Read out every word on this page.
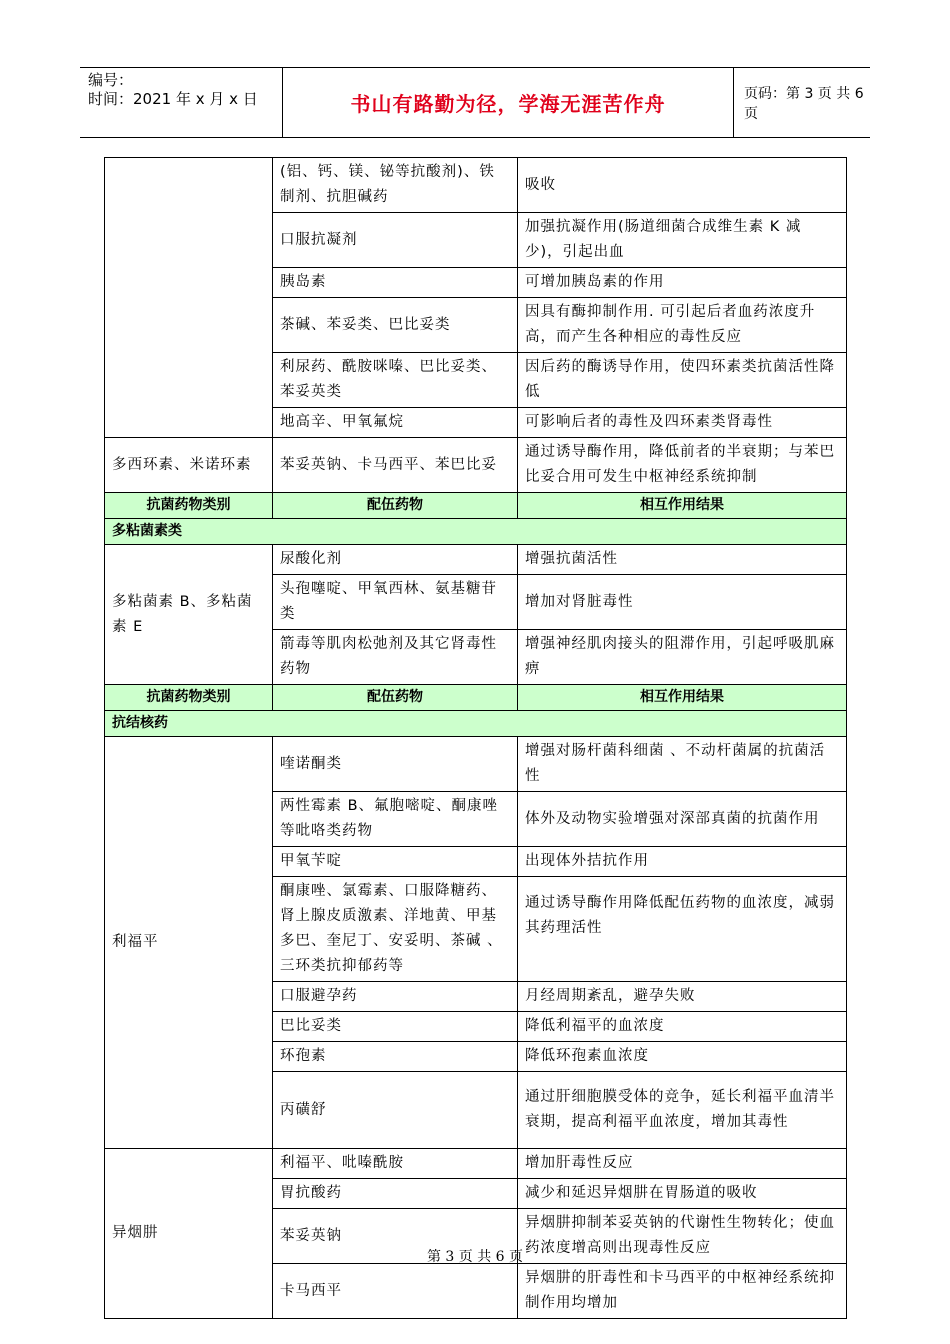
编号：
时间：2021 年 x 月 x 日	书山有路勤为径，学海无涯苦作舟	页码：第 3 页 共 6 页
	(铝、钙、镁、铋等抗酸剂)、铁制剂、抗胆碱药	吸收
	口服抗凝剂	加强抗凝作用(肠道细菌合成维生素 K 减少)，引起出血
	胰岛素	可增加胰岛素的作用
	茶碱、苯妥类、巴比妥类	因具有酶抑制作用. 可引起后者血药浓度升高，而产生各种相应的毒性反应
	利尿药、酰胺咪嗪、巴比妥类、苯妥英类	因后药的酶诱导作用，使四环素类抗菌活性降低
	地高辛、甲氧氟烷	可影响后者的毒性及四环素类肾毒性
多西环素、米诺环素	苯妥英钠、卡马西平、苯巴比妥	通过诱导酶作用，降低前者的半衰期；与苯巴比妥合用可发生中枢神经系统抑制
抗菌药物类别	配伍药物	相互作用结果
多粘菌素类		
多粘菌素 B、多粘菌素 E	尿酸化剂	增强抗菌活性
	头孢噻啶、甲氧西林、氨基糖苷类	增加对肾脏毒性
	箭毒等肌肉松弛剂及其它肾毒性药物	增强神经肌肉接头的阻滞作用，引起呼吸肌麻痹
抗菌药物类别	配伍药物	相互作用结果
抗结核药		
利福平	喹诺酮类	增强对肠杆菌科细菌 、不动杆菌属的抗菌活性
	两性霉素 B、氟胞嘧啶、酮康唑等吡咯类药物	体外及动物实验增强对深部真菌的抗菌作用
	甲氧苄啶	出现体外拮抗作用
	酮康唑、氯霉素、口服降糖药、肾上腺皮质激素、洋地黄、甲基多巴、奎尼丁、安妥明、茶碱 、三环类抗抑郁药等	通过诱导酶作用降低配伍药物的血浓度，减弱其药理活性
	口服避孕药	月经周期紊乱，避孕失败
	巴比妥类	降低利福平的血浓度
	环孢素	降低环孢素血浓度
	丙磺舒	通过肝细胞膜受体的竞争，延长利福平血清半衰期，提高利福平血浓度，增加其毒性
异烟肼	利福平、吡嗪酰胺	增加肝毒性反应
	胃抗酸药	减少和延迟异烟肼在胃肠道的吸收
	苯妥英钠	异烟肼抑制苯妥英钠的代谢性生物转化；使血药浓度增高则出现毒性反应
	卡马西平	异烟肼的肝毒性和卡马西平的中枢神经系统抑制作用均增加
第 3 页 共 6 页
